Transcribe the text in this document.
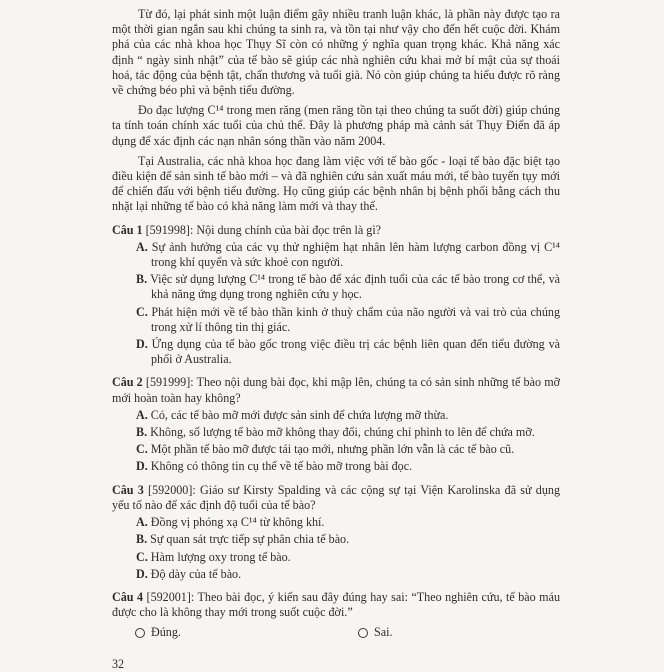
Từ đó, lại phát sinh một luận điểm gây nhiều tranh luận khác, là phần này được tạo ra một thời gian ngắn sau khi chúng ta sinh ra, và tồn tại như vậy cho đến hết cuộc đời. Khám phá của các nhà khoa học Thụy Sĩ còn có những ý nghĩa quan trọng khác. Khả năng xác định “ ngày sinh nhật” của tế bào sẽ giúp các nhà nghiên cứu khai mở bí mật của sự thoái hoá, tác động của bệnh tật, chấn thương và tuổi già. Nó còn giúp chúng ta hiểu được rõ ràng về chứng béo phì và bệnh tiểu đường.

Đo đạc lượng C¹⁴ trong men răng (men răng tồn tại theo chúng ta suốt đời) giúp chúng ta tính toán chính xác tuổi của chủ thể. Đây là phương pháp mà cảnh sát Thụy Điển đã áp dụng để xác định các nạn nhân sóng thần vào năm 2004.

Tại Australia, các nhà khoa học đang làm việc với tế bào gốc - loại tế bào đặc biệt tạo điều kiện để sản sinh tế bào mới – và đã nghiên cứu sản xuất máu mới, tế bào tuyến tụy mới để chiến đấu với bệnh tiểu đường. Họ cũng giúp các bệnh nhân bị bệnh phổi bằng cách thu nhặt lại những tế bào có khả năng làm mới và thay thế.

Câu 1 [591998]: Nội dung chính của bài đọc trên là gì?

A. Sự ảnh hưởng của các vụ thử nghiệm hạt nhân lên hàm lượng carbon đồng vị C¹⁴ trong khí quyển và sức khoẻ con người.

B. Việc sử dụng lượng C¹⁴ trong tế bào để xác định tuổi của các tế bào trong cơ thể, và khả năng ứng dụng trong nghiên cứu y học.

C. Phát hiện mới về tế bào thần kinh ở thuỳ chẩm của não người và vai trò của chúng trong xử lí thông tin thị giác.

D. Ứng dụng của tế bào gốc trong việc điều trị các bệnh liên quan đến tiểu đường và phổi ở Australia.

Câu 2 [591999]: Theo nội dung bài đọc, khi mập lên, chúng ta có sản sinh những tế bào mỡ mới hoàn toàn hay không?

A. Có, các tế bào mỡ mới được sản sinh để chứa lượng mỡ thừa.

B. Không, số lượng tế bào mỡ không thay đổi, chúng chỉ phình to lên để chứa mỡ.

C. Một phần tế bào mỡ được tái tạo mới, nhưng phần lớn vẫn là các tế bào cũ.

D. Không có thông tin cụ thể về tế bào mỡ trong bài đọc.

Câu 3 [592000]: Giáo sư Kirsty Spalding và các cộng sự tại Viện Karolinska đã sử dụng yếu tố nào để xác định độ tuổi của tế bào?

A. Đồng vị phóng xạ C¹⁴ từ không khí.

B. Sự quan sát trực tiếp sự phân chia tế bào.

C. Hàm lượng oxy trong tế bào.

D. Độ dày của tế bào.

Câu 4 [592001]: Theo bài đọc, ý kiến sau đây đúng hay sai: “Theo nghiên cứu, tế bào máu được cho là không thay mới trong suốt cuộc đời.”

Đúng.	Sai.

32
